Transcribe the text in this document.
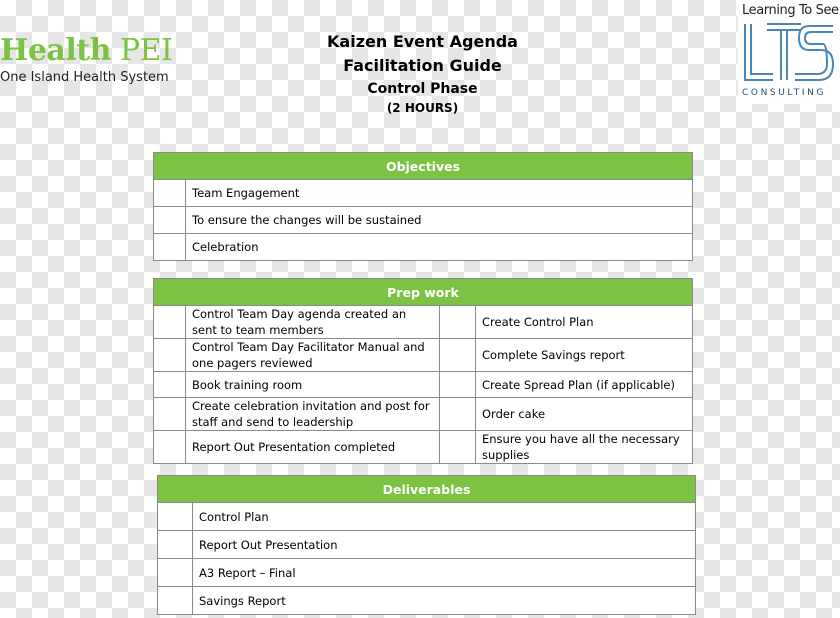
Health PEI
One Island Health System
Kaizen Event Agenda
Facilitation Guide
Control Phase
(2 HOURS)
Learning To See
CONSULTING
Objectives	
	Team Engagement
	To ensure the changes will be sustained
	Celebration
Prep work			
	Control Team Day agenda created an sent to team members		Create Control Plan
	Control Team Day Facilitator Manual and one pagers reviewed		Complete Savings report
	Book training room		Create Spread Plan (if applicable)
	Create celebration invitation and post for staff and send to leadership		Order cake
	Report Out Presentation completed		Ensure you have all the necessary supplies
Deliverables	
	Control Plan
	Report Out Presentation
	A3 Report – Final
	Savings Report
